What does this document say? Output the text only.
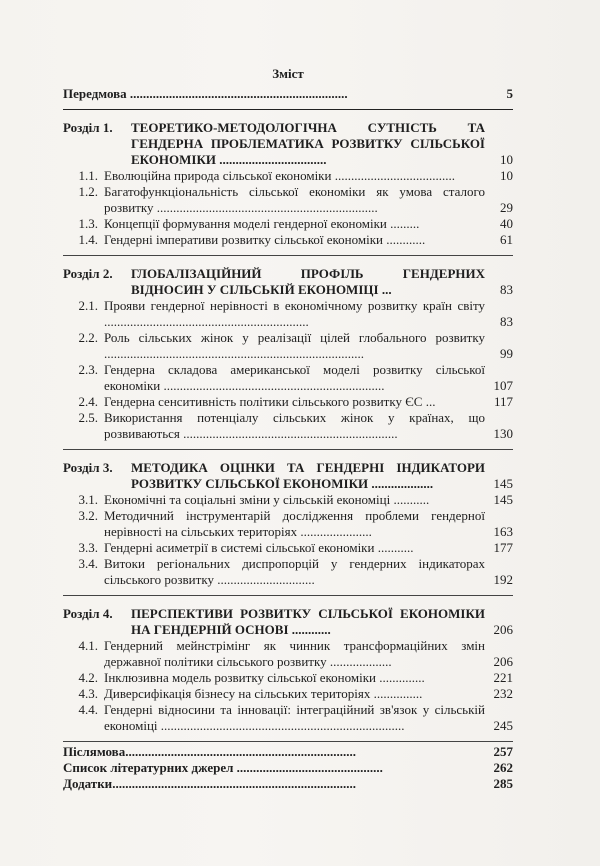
Зміст
Передмова ...................................................................	5
Розділ 1.	ТЕОРЕТИКО-МЕТОДОЛОГІЧНА СУТНІСТЬ ТА ГЕНДЕРНА ПРОБЛЕМАТИКА РОЗВИТКУ СІЛЬСЬКОЇ ЕКОНОМІКИ .................................	10
1.1. Еволюційна природа сільської економіки .....................................	10
1.2. Багатофункціональність сільської економіки як умова сталого розвитку ....................................................................	29
1.3. Концепції формування моделі гендерної економіки .........	40
1.4. Гендерні імперативи розвитку сільської економіки ............	61
Розділ 2.	ГЛОБАЛІЗАЦІЙНИЙ ПРОФІЛЬ ГЕНДЕРНИХ ВІДНОСИН У СІЛЬСЬКІЙ ЕКОНОМІЦІ ...	83
2.1. Прояви гендерної нерівності в економічному розвитку країн світу ...............................................................	83
2.2. Роль сільських жінок у реалізації цілей глобального розвитку ................................................................................	99
2.3. Гендерна складова американської моделі розвитку сільської економіки ....................................................................	107
2.4. Гендерна сенситивність політики сільського розвитку ЄС ...	117
2.5. Використання потенціалу сільських жінок у країнах, що розвиваються ..................................................................	130
Розділ 3.	МЕТОДИКА ОЦІНКИ ТА ГЕНДЕРНІ ІНДИКАТОРИ РОЗВИТКУ СІЛЬСЬКОЇ ЕКОНОМІКИ ...................	145
3.1. Економічні та соціальні зміни у сільській економіці ...........	145
3.2. Методичний інструментарій дослідження проблеми гендерної нерівності на сільських територіях ......................	163
3.3. Гендерні асиметрії в системі сільської економіки ...........	177
3.4. Витоки регіональних диспропорцій у гендерних індикаторах сільського розвитку ..............................	192
Розділ 4.	ПЕРСПЕКТИВИ РОЗВИТКУ СІЛЬСЬКОЇ ЕКОНОМІКИ НА ГЕНДЕРНІЙ ОСНОВІ ............	206
4.1. Гендерний мейнстрімінг як чинник трансформаційних змін державної політики сільського розвитку ...................	206
4.2. Інклюзивна модель розвитку сільської економіки ..............	221
4.3. Диверсифікація бізнесу на сільських територіях ...............	232
4.4. Гендерні відносини та інновації: інтеграційний зв'язок у сільській економіці ...........................................................................	245
Післямова.......................................................................	257
Список літературних джерел .............................................	262
Додатки...........................................................................	285
